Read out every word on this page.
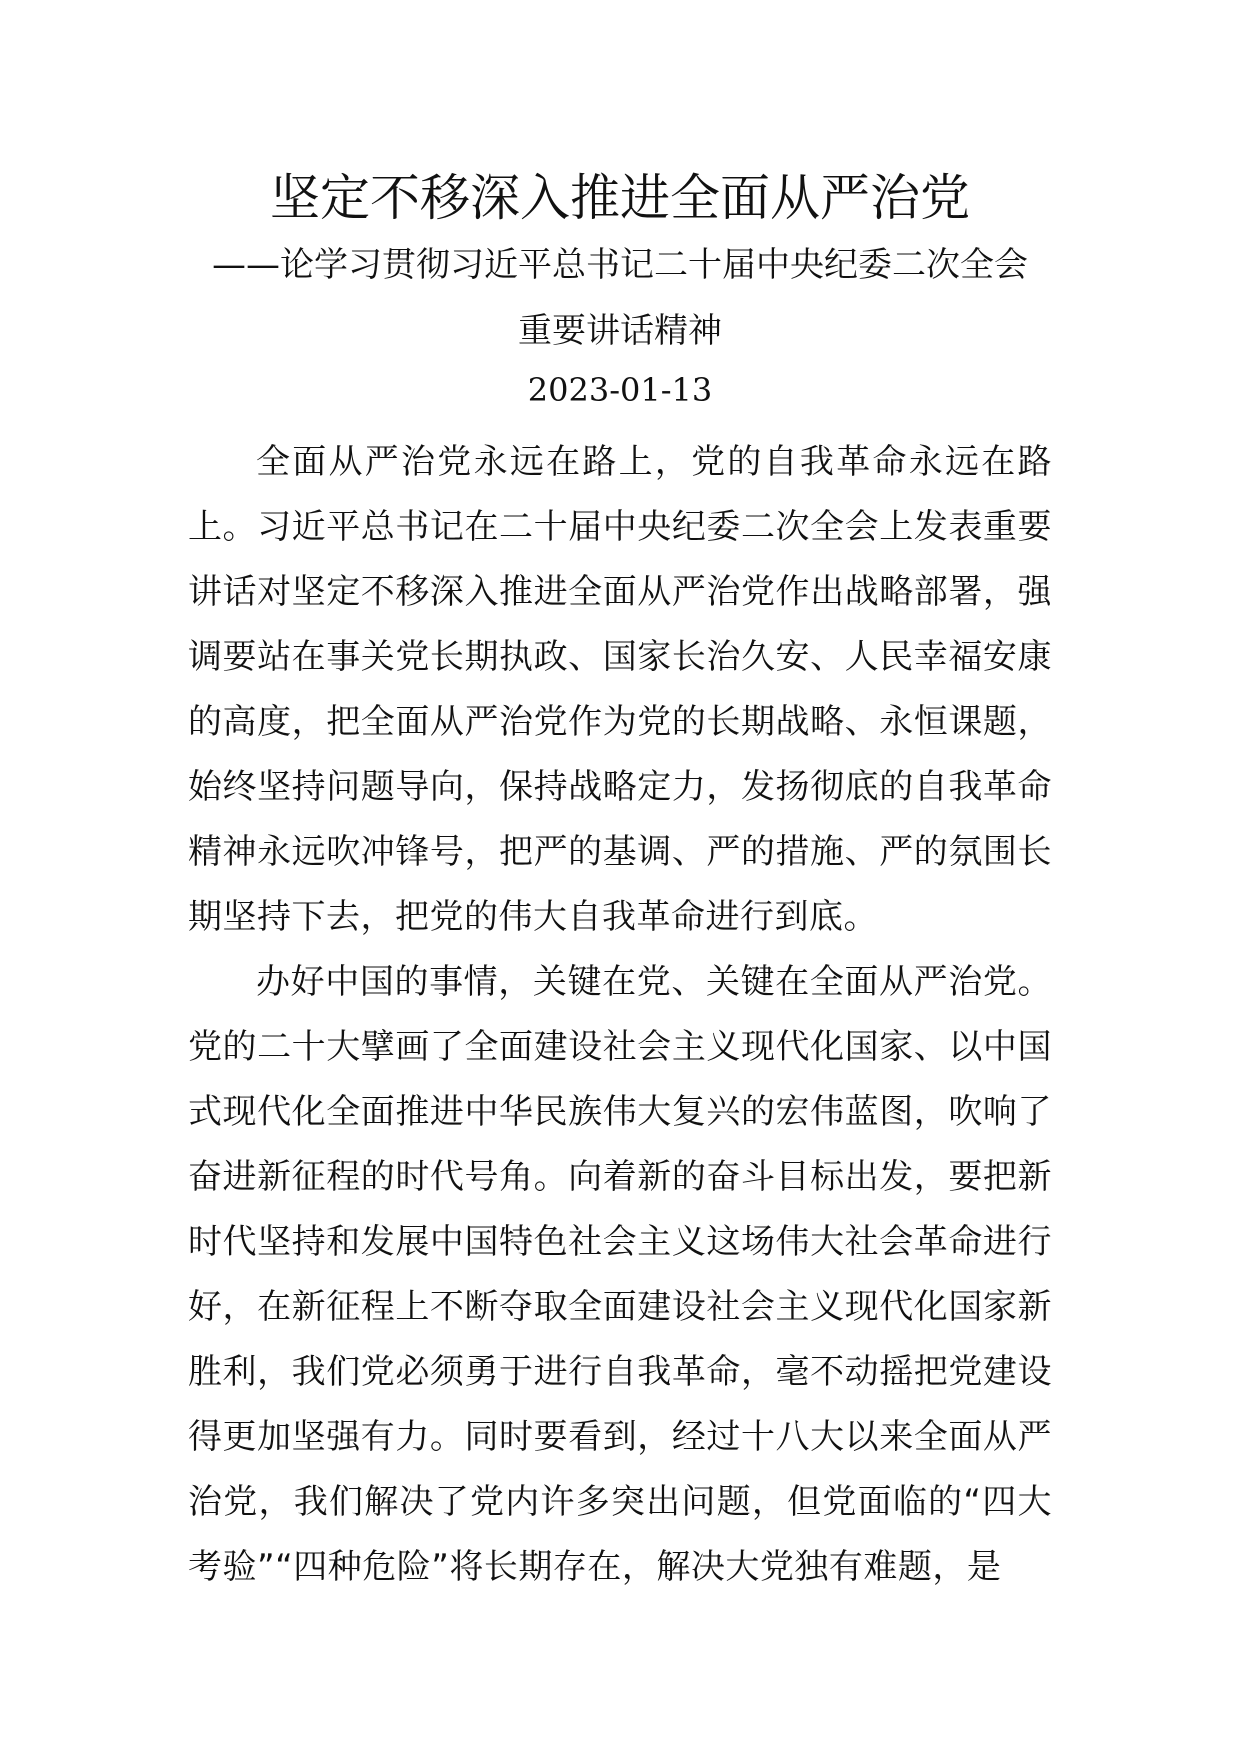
坚定不移深入推进全面从严治党

——论学习贯彻习近平总书记二十届中央纪委二次全会重要讲话精神

2023-01-13

全面从严治党永远在路上，党的自我革命永远在路上。习近平总书记在二十届中央纪委二次全会上发表重要讲话对坚定不移深入推进全面从严治党作出战略部署，强调要站在事关党长期执政、国家长治久安、人民幸福安康的高度，把全面从严治党作为党的长期战略、永恒课题，始终坚持问题导向，保持战略定力，发扬彻底的自我革命精神永远吹冲锋号，把严的基调、严的措施、严的氛围长期坚持下去，把党的伟大自我革命进行到底。

办好中国的事情，关键在党、关键在全面从严治党。党的二十大擘画了全面建设社会主义现代化国家、以中国式现代化全面推进中华民族伟大复兴的宏伟蓝图，吹响了奋进新征程的时代号角。向着新的奋斗目标出发，要把新时代坚持和发展中国特色社会主义这场伟大社会革命进行好，在新征程上不断夺取全面建设社会主义现代化国家新胜利，我们党必须勇于进行自我革命，毫不动摇把党建设得更加坚强有力。同时要看到，经过十八大以来全面从严治党，我们解决了党内许多突出问题，但党面临的“四大考验”“四种危险”将长期存在，解决大党独有难题，是
